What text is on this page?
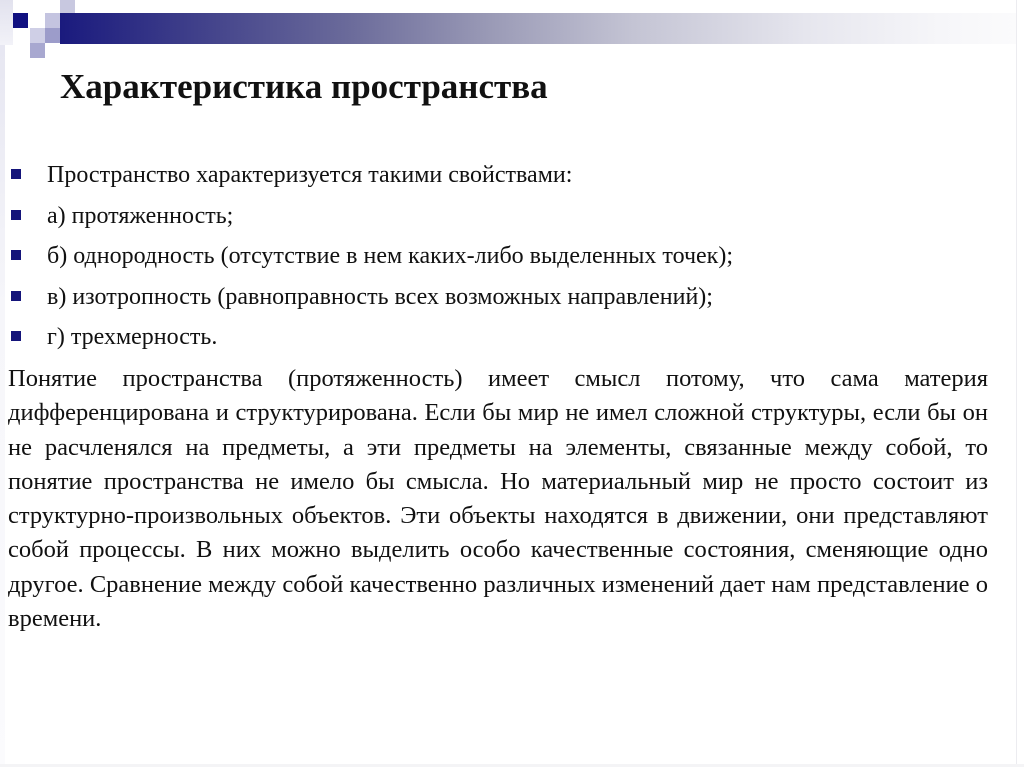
Характеристика пространства
Пространство характеризуется такими свойствами:
а) протяженность;
б) однородность (отсутствие в нем каких-либо выделенных точек);
в) изотропность (равноправность всех возможных направлений);
г) трехмерность.

Понятие пространства (протяженность) имеет смысл потому, что сама материя дифференцирована и структурирована. Если бы мир не имел сложной структуры, если бы он не расчленялся на предметы, а эти предметы на элементы, связанные между собой, то понятие пространства не имело бы смысла. Но материальный мир не просто состоит из структурно-произвольных объектов. Эти объекты находятся в движении, они представляют собой процессы. В них можно выделить особо качественные состояния, сменяющие одно другое. Сравнение между собой качественно различных изменений дает нам представление о времени.
